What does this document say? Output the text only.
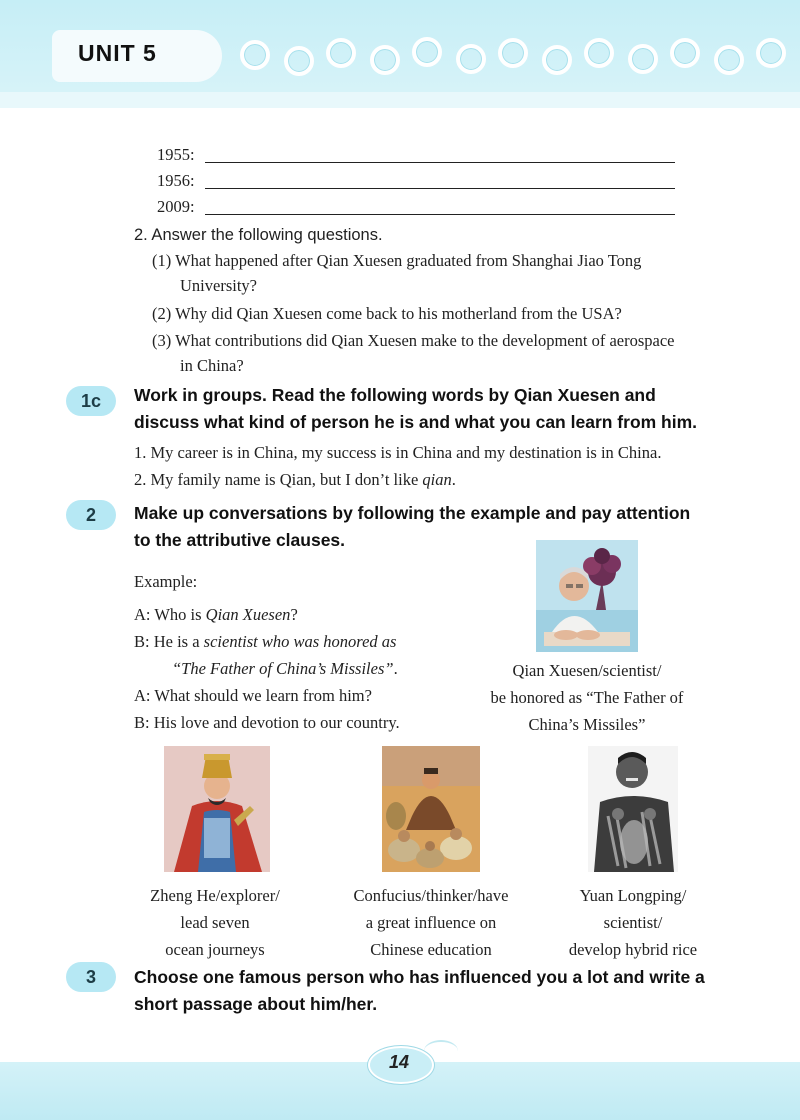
UNIT 5
1955:
1956:
2009:
2. Answer the following questions.
(1) What happened after Qian Xuesen graduated from Shanghai Jiao Tong
University?
(2) Why did Qian Xuesen come back to his motherland from the USA?
(3) What contributions did Qian Xuesen make to the development of aerospace
in China?
1c	Work in groups. Read the following words by Qian Xuesen and
discuss what kind of person he is and what you can learn from him.
1. My career is in China, my success is in China and my destination is in China.
2. My family name is Qian, but I don’t like qian.
2	Make up conversations by following the example and pay attention
to the attributive clauses.
Example:
A: Who is Qian Xuesen?
B: He is a scientist who was honored as
“The Father of China’s Missiles”.
A: What should we learn from him?
B: His love and devotion to our country.
Qian Xuesen/scientist/
be honored as “The Father of
China’s Missiles”
Zheng He/explorer/
lead seven
ocean journeys
Confucius/thinker/have
a great influence on
Chinese education
Yuan Longping/
scientist/
develop hybrid rice
3	Choose one famous person who has influenced you a lot and write a
short passage about him/her.
14
